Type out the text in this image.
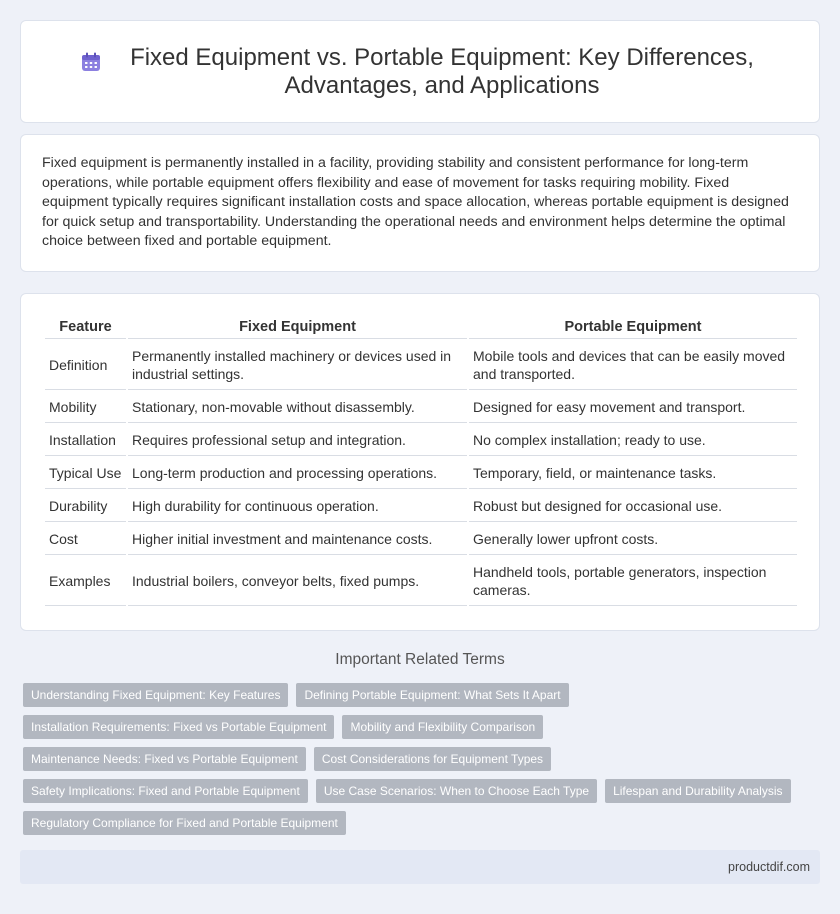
Fixed Equipment vs. Portable Equipment: Key Differences, Advantages, and Applications

Fixed equipment is permanently installed in a facility, providing stability and consistent performance for long-term operations, while portable equipment offers flexibility and ease of movement for tasks requiring mobility. Fixed equipment typically requires significant installation costs and space allocation, whereas portable equipment is designed for quick setup and transportability. Understanding the operational needs and environment helps determine the optimal choice between fixed and portable equipment.

Feature	Fixed Equipment	Portable Equipment
Definition	Permanently installed machinery or devices used in industrial settings.	Mobile tools and devices that can be easily moved and transported.
Mobility	Stationary, non-movable without disassembly.	Designed for easy movement and transport.
Installation	Requires professional setup and integration.	No complex installation; ready to use.
Typical Use	Long-term production and processing operations.	Temporary, field, or maintenance tasks.
Durability	High durability for continuous operation.	Robust but designed for occasional use.
Cost	Higher initial investment and maintenance costs.	Generally lower upfront costs.
Examples	Industrial boilers, conveyor belts, fixed pumps.	Handheld tools, portable generators, inspection cameras.
Important Related Terms
Understanding Fixed Equipment: Key Features	Defining Portable Equipment: What Sets It Apart
Installation Requirements: Fixed vs Portable Equipment	Mobility and Flexibility Comparison
Maintenance Needs: Fixed vs Portable Equipment	Cost Considerations for Equipment Types
Safety Implications: Fixed and Portable Equipment	Use Case Scenarios: When to Choose Each Type	Lifespan and Durability Analysis
Regulatory Compliance for Fixed and Portable Equipment
productdif.com
